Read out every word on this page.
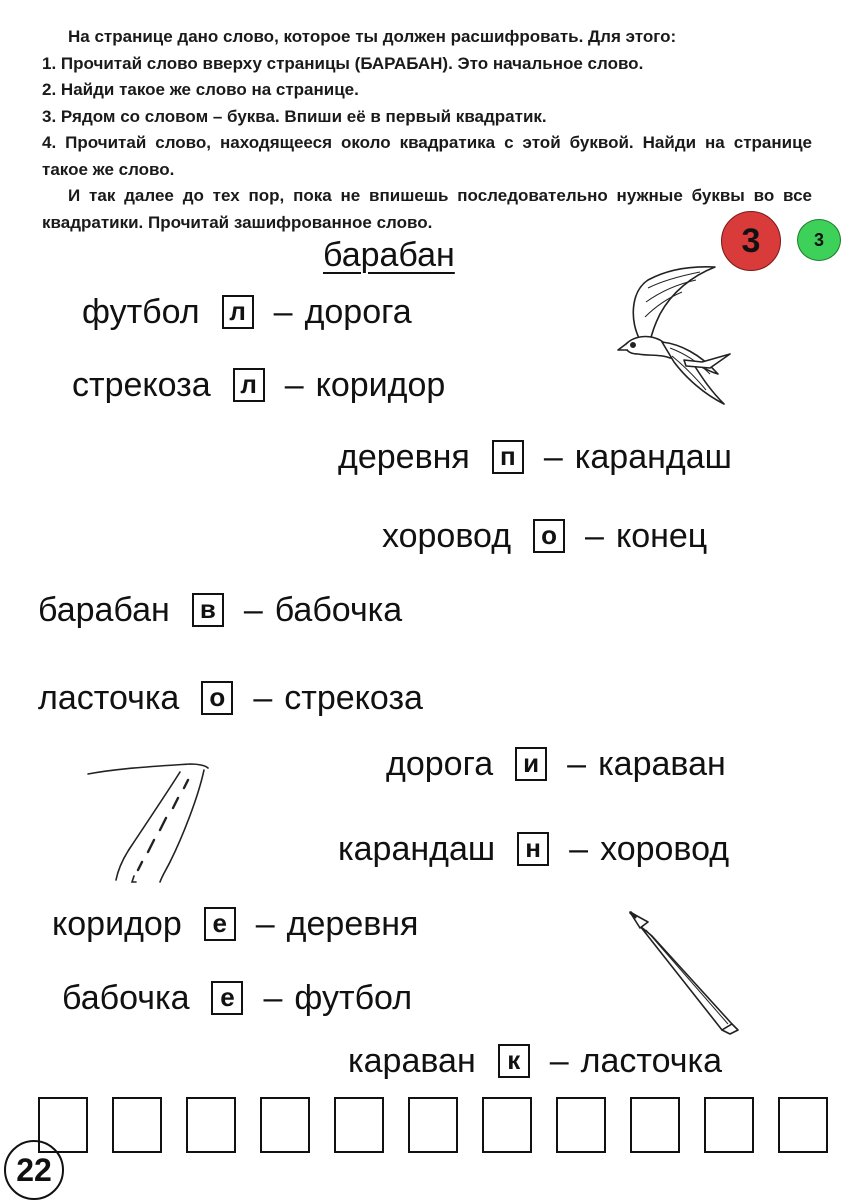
На странице дано слово, которое ты должен расшифровать. Для этого:

1. Прочитай слово вверху страницы (БАРАБАН). Это начальное слово.

2. Найди такое же слово на странице.

3. Рядом со словом – буква. Впиши её в первый квадратик.

4. Прочитай слово, находящееся около квадратика с этой буквой. Найди на странице такое же слово.

И так далее до тех пор, пока не впишешь последовательно нужные буквы во все квадратики. Прочитай зашифрованное слово.	3	3
барабан
футбол л – дорога
стрекоза л – коридор
деревня	п – карандаш
хоровод	о – конец
барабан	в – бабочка
ласточка	о – стрекоза
дорога	и – караван
карандаш	н – хоровод
коридор	е – деревня
бабочка	е – футбол
караван	к – ласточка
22
